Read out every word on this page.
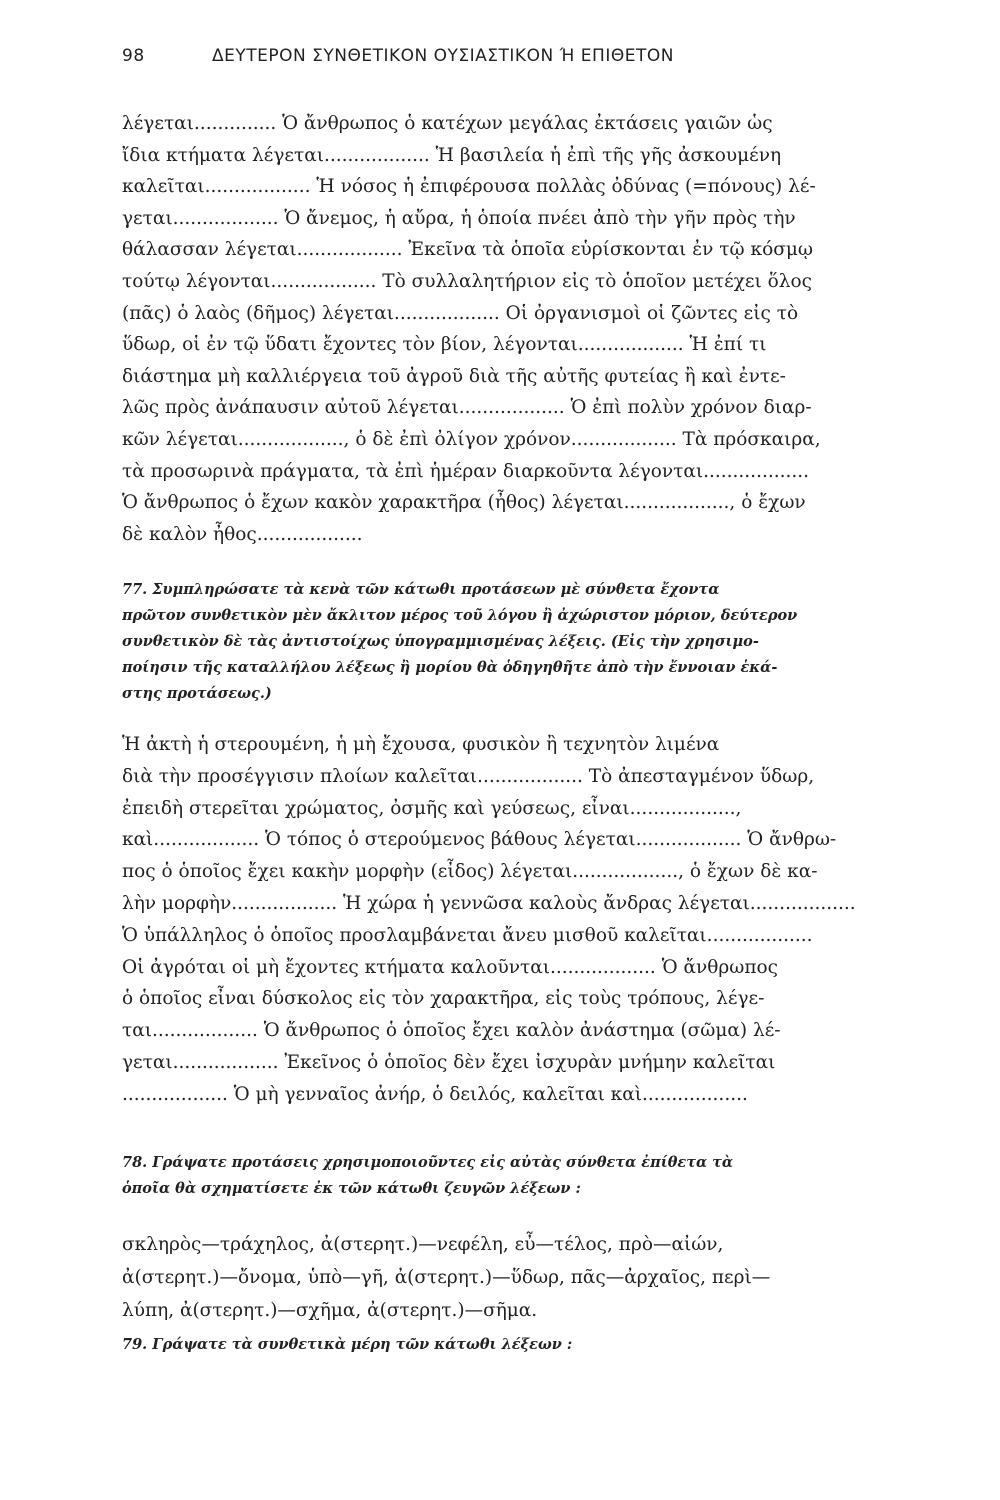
98	ΔΕΥΤΕΡΟΝ ΣΥΝΘΕΤΙΚΟΝ ΟΥΣΙΑΣΤΙΚΟΝ Ή ΕΠΙΘΕΤΟΝ
λέγεται.............. Ὁ ἄνθρωπος ὁ κατέχων μεγάλας ἐκτάσεις γαιῶν ὡς
ἴδια κτήματα λέγεται.................. Ἡ βασιλεία ἡ ἐπὶ τῆς γῆς ἀσκουμένη
καλεῖται.................. Ἡ νόσος ἡ ἐπιφέρουσα πολλὰς ὀδύνας (=πόνους) λέ-
γεται.................. Ὁ ἄνεμος, ἡ αὔρα, ἡ ὁποία πνέει ἀπὸ τὴν γῆν πρὸς τὴν
θάλασσαν λέγεται.................. Ἐκεῖνα τὰ ὁποῖα εὑρίσκονται ἐν τῷ κόσμῳ
τούτῳ λέγονται.................. Τὸ συλλαλητήριον εἰς τὸ ὁποῖον μετέχει ὅλος
(πᾶς) ὁ λαὸς (δῆμος) λέγεται.................. Οἱ ὀργανισμοὶ οἱ ζῶντες εἰς τὸ
ὕδωρ, οἱ ἐν τῷ ὕδατι ἔχοντες τὸν βίον, λέγονται.................. Ἡ ἐπί τι
διάστημα μὴ καλλιέργεια τοῦ ἀγροῦ διὰ τῆς αὐτῆς φυτείας ἢ καὶ ἐντε-
λῶς πρὸς ἀνάπαυσιν αὐτοῦ λέγεται.................. Ὁ ἐπὶ πολὺν χρόνον διαρ-
κῶν λέγεται.................., ὁ δὲ ἐπὶ ὀλίγον χρόνον.................. Τὰ πρόσκαιρα,
τὰ προσωρινὰ πράγματα, τὰ ἐπὶ ἡμέραν διαρκοῦντα λέγονται..................
Ὁ ἄνθρωπος ὁ ἔχων κακὸν χαρακτῆρα (ἦθος) λέγεται.................., ὁ ἔχων
δὲ καλὸν ἦθος..................
77. Συμπληρώσατε τὰ κενὰ τῶν κάτωθι προτάσεων μὲ σύνθετα ἔχοντα
πρῶτον συνθετικὸν μὲν ἄκλιτον μέρος τοῦ λόγου ἢ ἀχώριστον μόριον, δεύτερον
συνθετικὸν δὲ τὰς ἀντιστοίχως ὑπογραμμισμένας λέξεις. (Εἰς τὴν χρησιμο-
ποίησιν τῆς καταλλήλου λέξεως ἢ μορίου θὰ ὁδηγηθῆτε ἀπὸ τὴν ἔννοιαν ἑκά-
στης προτάσεως.)
Ἡ ἀκτὴ ἡ στερουμένη, ἡ μὴ ἔχουσα, φυσικὸν ἢ τεχνητὸν λιμένα
διὰ τὴν προσέγγισιν πλοίων καλεῖται.................. Τὸ ἀπεσταγμένον ὕδωρ,
ἐπειδὴ στερεῖται χρώματος, ὀσμῆς καὶ γεύσεως, εἶναι..................,
καὶ.................. Ὁ τόπος ὁ στερούμενος βάθους λέγεται.................. Ὁ ἄνθρω-
πος ὁ ὁποῖος ἔχει κακὴν μορφὴν (εἶδος) λέγεται.................., ὁ ἔχων δὲ κα-
λὴν μορφὴν.................. Ἡ χώρα ἡ γεννῶσα καλοὺς ἄνδρας λέγεται..................
Ὁ ὑπάλληλος ὁ ὁποῖος προσλαμβάνεται ἄνευ μισθοῦ καλεῖται..................
Οἱ ἀγρόται οἱ μὴ ἔχοντες κτήματα καλοῦνται.................. Ὁ ἄνθρωπος
ὁ ὁποῖος εἶναι δύσκολος εἰς τὸν χαρακτῆρα, εἰς τοὺς τρόπους, λέγε-
ται.................. Ὁ ἄνθρωπος ὁ ὁποῖος ἔχει καλὸν ἀνάστημα (σῶμα) λέ-
γεται.................. Ἐκεῖνος ὁ ὁποῖος δὲν ἔχει ἰσχυρὰν μνήμην καλεῖται
.................. Ὁ μὴ γενναῖος ἀνήρ, ὁ δειλός, καλεῖται καὶ..................
78. Γράψατε προτάσεις χρησιμοποιοῦντες εἰς αὐτὰς σύνθετα ἐπίθετα τὰ
ὁποῖα θὰ σχηματίσετε ἐκ τῶν κάτωθι ζευγῶν λέξεων :
σκληρὸς—τράχηλος, ἀ(στερητ.)—νεφέλη, εὖ—τέλος, πρὸ—αἰών,
ἀ(στερητ.)—ὄνομα, ὑπὸ—γῆ, ἀ(στερητ.)—ὕδωρ, πᾶς—ἀρχαῖος, περὶ—
λύπη, ἀ(στερητ.)—σχῆμα, ἀ(στερητ.)—σῆμα.
79. Γράψατε τὰ συνθετικὰ μέρη τῶν κάτωθι λέξεων :
